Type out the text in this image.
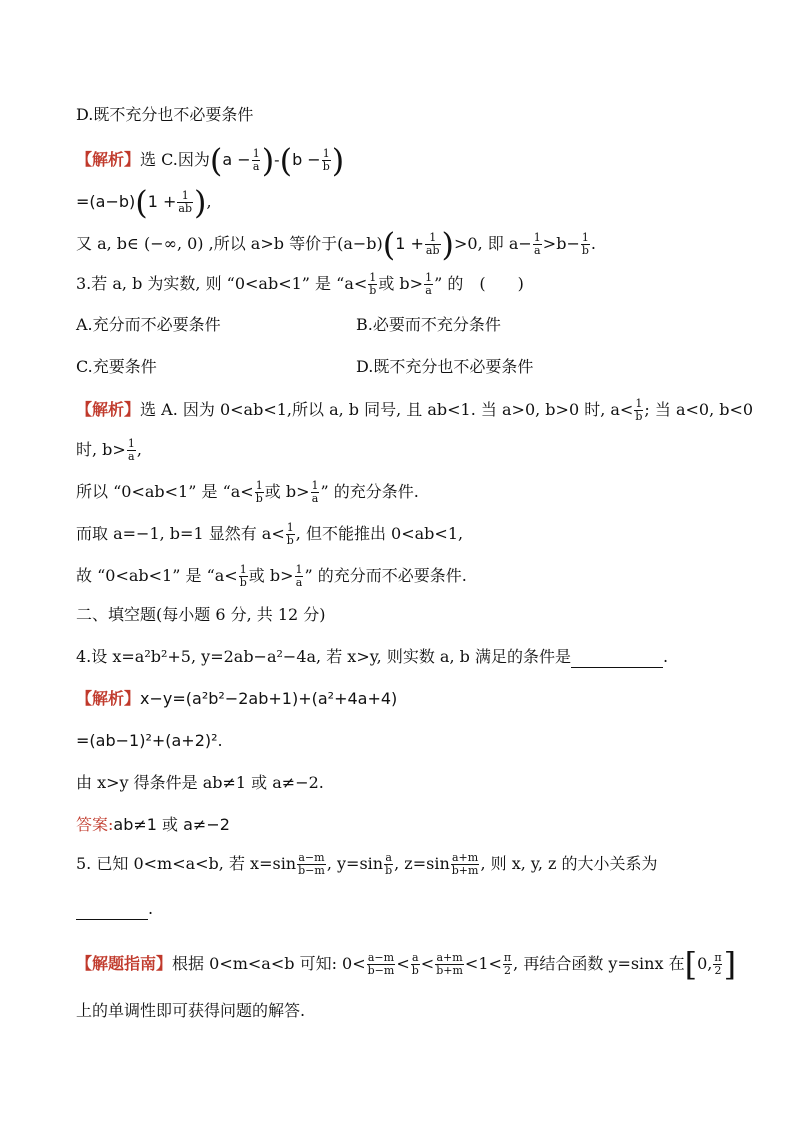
D.既不充分也不必要条件
【解析】选 C.因为$(a - \frac{1}{a} )-(b - \frac{1}{b}$ )
$=(a-b)(1 + \frac{1}{ab}$ ),
又 a, b∈ (−∞, 0) ,所以 a>b 等价于$(a-b)(1 + \frac{1}{ab} )>0$, 即 $a- \frac{1}{a} >b- \frac{1}{b}$ .
3.若 a, b 为实数, 则 “0<ab<1” 是 “$a< \frac{1}{b}$ 或 $b> \frac{1}{a}$ ” 的　(　　)
A.充分而不必要条件	B.必要而不充分条件
C.充要条件	D.既不充分也不必要条件
【解析】选 A. 因为 0<ab<1,所以 a, b 同号, 且 ab<1. 当 a>0, b>0 时, $a< \frac{1}{b}$ ; 当 a<0, b<0
时, $b> \frac{1}{a}$ ,
所以 “0<ab<1” 是 “$a< \frac{1}{b}$ 或 $b> \frac{1}{a}$ ” 的充分条件.
而取 a=−1, b=1 显然有 $a< \frac{1}{b}$ , 但不能推出 0<ab<1,
故 “0<ab<1” 是 “$a< \frac{1}{b}$ 或 $b> \frac{1}{a}$ ” 的充分而不必要条件.
二、填空题(每小题 6 分, 共 12 分)
4.设 x=a²b²+5, y=2ab−a²−4a, 若 x>y, 则实数 a, b 满足的条件是	.
【解析】x−y=(a²b²−2ab+1)+(a²+4a+4)
=(ab−1)²+(a+2)².
由 x>y 得条件是 ab≠1 或 a≠−2.
答案:ab≠1 或 a≠−2
5. 已知 0<m<a<b, 若 $x=\sin \frac{a-m}{b-m}$ , $y=\sin \frac{a}{b}$ , $z=\sin \frac{a+m}{b+m}$ , 则 x, y, z 的大小关系为
.
【解题指南】根据 0<m<a<b 可知: $0< \frac{a-m}{b-m} < \frac{a}{b} < \frac{a+m}{b+m} <1< \frac{\pi}{2}$ , 再结合函数 y=sinx 在[0, $\frac{\pi}{2}$ ]
上的单调性即可获得问题的解答.
